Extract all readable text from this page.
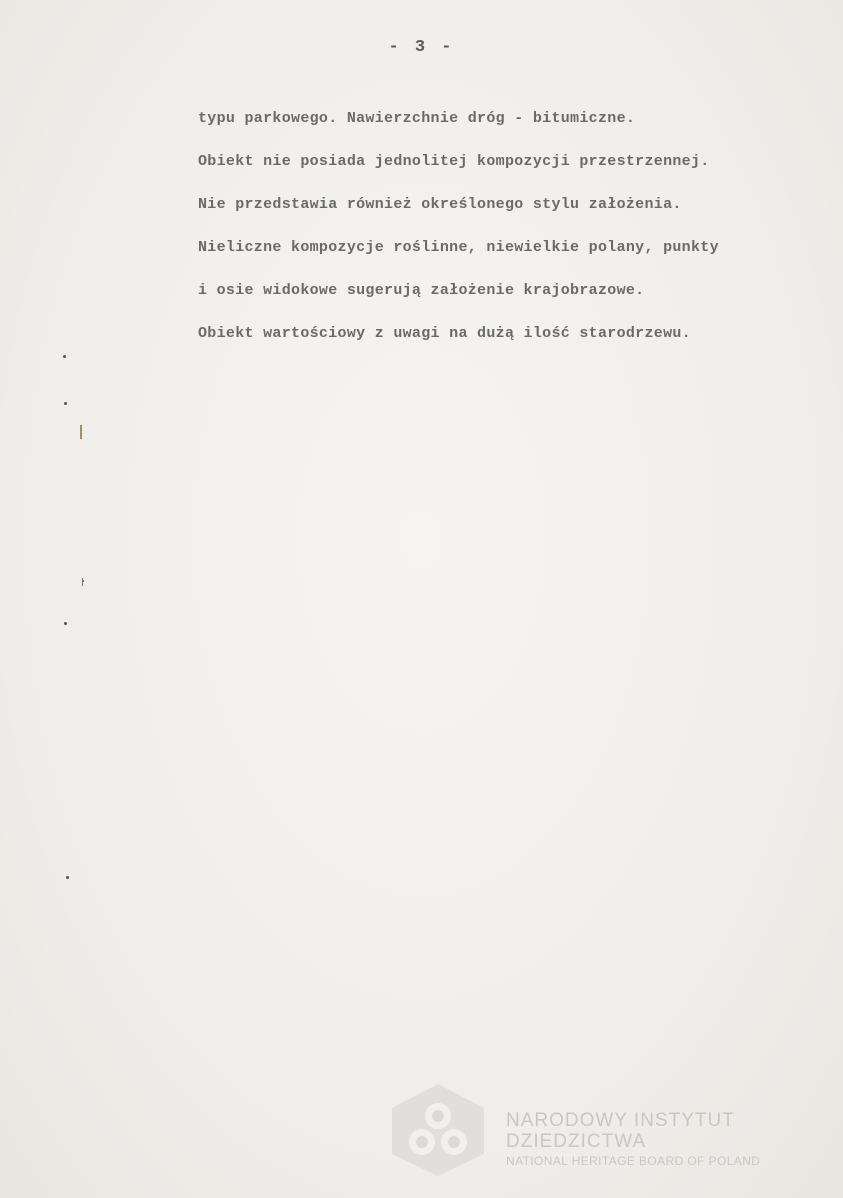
- 3 -
typu parkowego. Nawierzchnie dróg - bitumiczne.
Obiekt nie posiada jednolitej kompozycji przestrzennej.
Nie przedstawia również określonego stylu założenia.
Nieliczne kompozycje roślinne, niewielkie polany, punkty
i osie widokowe sugerują założenie krajobrazowe.
Obiekt wartościowy z uwagi na dużą ilość starodrzewu.
NARODOWY INSTYTUT
DZIEDZICTWA
NATIONAL HERITAGE BOARD OF POLAND
